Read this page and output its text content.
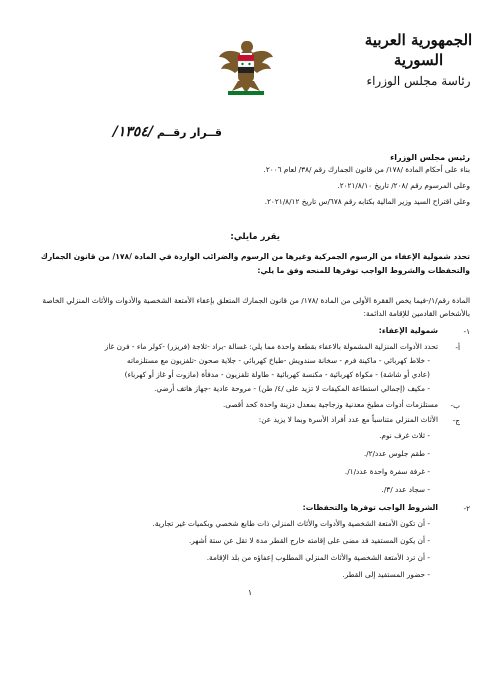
الجمهورية العربية السورية
رئاسة مجلس الوزراء
قــرار رقــم /١٣٥٤/
رئيس مجلس الوزراء
بناء على أحكام المادة /١٧٨/ من قانون الجمارك رقم /٣٨/ لعام ٢٠٠٦.
وعلى المرسوم رقم /٢٠٨/ تاريخ ٢٠٢١/٨/١٠.
وعلى اقتراح السيد وزير المالية بكتابه رقم ٦٧٨/س تاريخ ٢٠٢١/٨/١٢.
يقرر مايلي:
تحدد شمولية الإعفاء من الرسوم الجمركية وغيرها من الرسوم والضرائب الواردة في المادة /١٧٨/ من قانون الجمارك والتحفظات والشروط الواجب توفرها للمنحه وفق ما يلي:
المادة رقم/١/-فيما يخص الفقرة الأولى من المادة /١٧٨/ من قانون الجمارك المتعلق بإعفاء الأمتعة الشخصية والأدوات والأثاث المنزلي الخاصة بالأشخاص القادمين للإقامة الدائمة:
١-
شمولية الإعفاء:
أ-
تحدد الأدوات المنزلية المشمولة بالاعفاء بقطعة واحدة مما يلي: غسالة -براد -ثلاجة (فريزر) -كولر ماء - فرن غاز
- خلاط كهربائي - ماكينة فرم - سخانة سندويش -طباخ كهربائي - جلاية صحون -تلفزيون مع مستلزماته
(عادي أو شاشة) - مكواة كهربائية - مكنسة كهربائية - طاولة تلفزيون - مدفأة (مازوت أو غاز أو كهرباء)
- مكيف (إجمالي استطاعة المكيفات لا تزيد على /٤/ طن) - مروحة عادية -جهاز هاتف أرضي.
ب-
مستلزمات أدوات مطبخ معدنية وزجاجية بمعدل دزينة واحدة كحد أقصى.
ج-
الأثاث المنزلي متناسباً مع عدد أفراد الأسرة وبما لا يزيد عن:
- ثلاث غرف نوم.
- طقم جلوس عدد/٢/.
- غرفة سفرة واحدة عدد/١/.
- سجاد عدد /٣/.
٢-
الشروط الواجب توفرها والتحفظات:
- أن تكون الأمتعة الشخصية والأدوات والأثاث المنزلي ذات طابع شخصي وبكميات غير تجارية.
- أن يكون المستفيد قد مضى على إقامته خارج القطر مدة لا تقل عن ستة أشهر.
- أن ترد الأمتعة الشخصية والأثاث المنزلي المطلوب إعفاؤه من بلد الإقامة.
- حضور المستفيد إلى القطر.
١
